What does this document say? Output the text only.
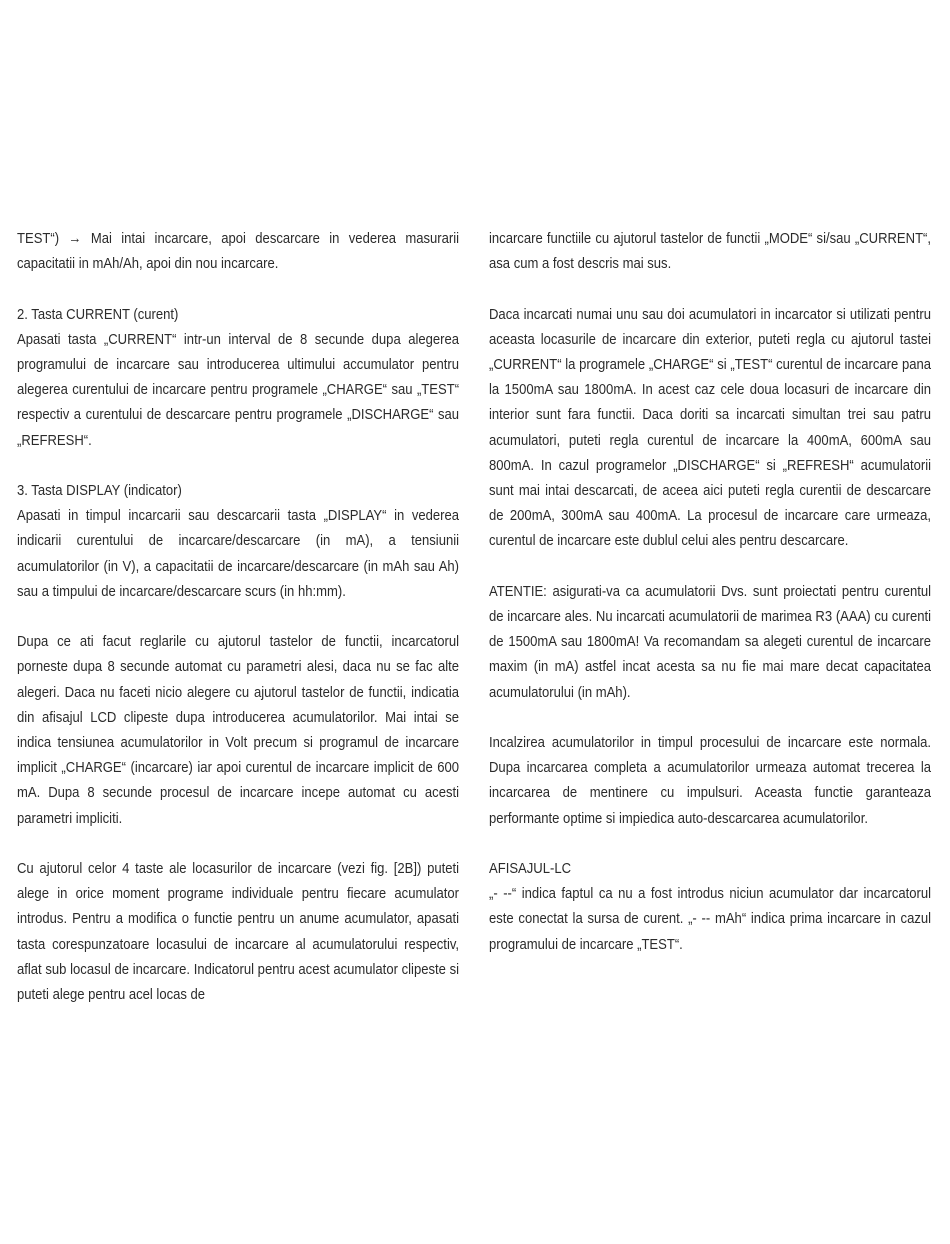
TEST“) → Mai intai incarcare, apoi descarcare in vederea masurarii capacitatii in mAh/Ah, apoi din nou incarcare.

2. Tasta CURRENT (curent)

Apasati tasta „CURRENT“ intr-un interval de 8 secunde dupa alegerea programului de incarcare sau introducerea ultimului accumulator pentru alegerea curentului de incarcare pentru programele „CHARGE“ sau „TEST“ respectiv a curentului de descarcare pentru programele „DISCHARGE“ sau „REFRESH“.

3. Tasta DISPLAY (indicator)

Apasati in timpul incarcarii sau descarcarii tasta „DISPLAY“ in vederea indicarii curentului de incarcare/descarcare (in mA), a tensiunii acumulatorilor (in V), a capacitatii de incarcare/descarcare (in mAh sau Ah) sau a timpului de incarcare/descarcare scurs (in hh:mm).

Dupa ce ati facut reglarile cu ajutorul tastelor de functii, incarcatorul porneste dupa 8 secunde automat cu parametri alesi, daca nu se fac alte alegeri. Daca nu faceti nicio alegere cu ajutorul tastelor de functii, indicatia din afisajul LCD clipeste dupa introducerea acumulatorilor. Mai intai se indica tensiunea acumulatorilor in Volt precum si programul de incarcare implicit „CHARGE“ (incarcare) iar apoi curentul de incarcare implicit de 600 mA. Dupa 8 secunde procesul de incarcare incepe automat cu acesti parametri impliciti.

Cu ajutorul celor 4 taste ale locasurilor de incarcare (vezi fig. [2B]) puteti alege in orice moment programe individuale pentru fiecare acumulator introdus. Pentru a modifica o functie pentru un anume acumulator, apasati tasta corespunzatoare locasului de incarcare al acumulatorului respectiv, aflat sub locasul de incarcare. Indicatorul pentru acest acumulator clipeste si puteti alege pentru acel locas de

incarcare functiile cu ajutorul tastelor de functii „MODE“ si/sau „CURRENT“, asa cum a fost descris mai sus.

Daca incarcati numai unu sau doi acumulatori in incarcator si utilizati pentru aceasta locasurile de incarcare din exterior, puteti regla cu ajutorul tastei „CURRENT“ la programele „CHARGE“ si „TEST“ curentul de incarcare pana la 1500mA sau 1800mA. In acest caz cele doua locasuri de incarcare din interior sunt fara functii. Daca doriti sa incarcati simultan trei sau patru acumulatori, puteti regla curentul de incarcare la 400mA, 600mA sau 800mA. In cazul programelor „DISCHARGE“ si „REFRESH“ acumulatorii sunt mai intai descarcati, de aceea aici puteti regla curentii de descarcare de 200mA, 300mA sau 400mA. La procesul de incarcare care urmeaza, curentul de incarcare este dublul celui ales pentru descarcare.

ATENTIE: asigurati-va ca acumulatorii Dvs. sunt proiectati pentru curentul de incarcare ales. Nu incarcati acumulatorii de marimea R3 (AAA) cu curenti de 1500mA sau 1800mA! Va recomandam sa alegeti curentul de incarcare maxim (in mA) astfel incat acesta sa nu fie mai mare decat capacitatea acumulatorului (in mAh).

Incalzirea acumulatorilor in timpul procesului de incarcare este normala. Dupa incarcarea completa a acumulatorilor urmeaza automat trecerea la incarcarea de mentinere cu impulsuri. Aceasta functie garanteaza performante optime si impiedica auto-descarcarea acumulatorilor.

AFISAJUL-LC

„- --“ indica faptul ca nu a fost introdus niciun acumulator dar incarcatorul este conectat la sursa de curent. „- -- mAh“ indica prima incarcare in cazul programului de incarcare „TEST“.
